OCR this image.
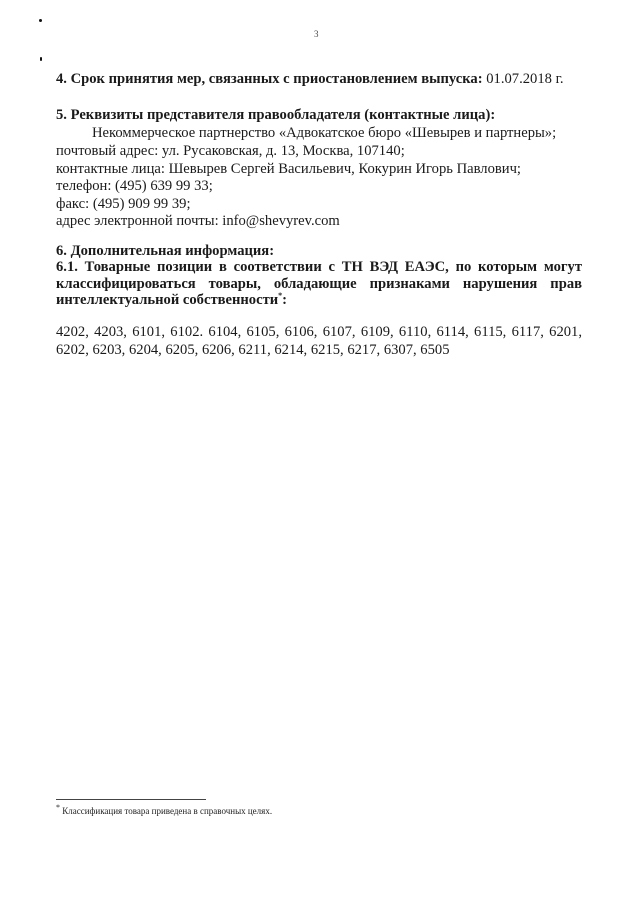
3
4. Срок принятия мер, связанных с приостановлением выпуска: 01.07.2018 г.
5. Реквизиты представителя правообладателя (контактные лица):
Некоммерческое партнерство «Адвокатское бюро «Шевырев и партнеры»;
почтовый адрес: ул. Русаковская, д. 13, Москва, 107140;
контактные лица: Шевырев Сергей Васильевич, Кокурин Игорь Павлович;
телефон: (495) 639 99 33;
факс: (495) 909 99 39;
адрес электронной почты: info@shevyrev.com
6. Дополнительная информация:
6.1. Товарные позиции в соответствии с ТН ВЭД ЕАЭС, по которым могут
классифицироваться товары, обладающие признаками нарушения прав
интеллектуальной собственности*:
4202, 4203, 6101, 6102. 6104, 6105, 6106, 6107, 6109, 6110, 6114, 6115, 6117, 6201,
6202, 6203, 6204, 6205, 6206, 6211, 6214, 6215, 6217, 6307, 6505
* Классификация товара приведена в справочных целях.
